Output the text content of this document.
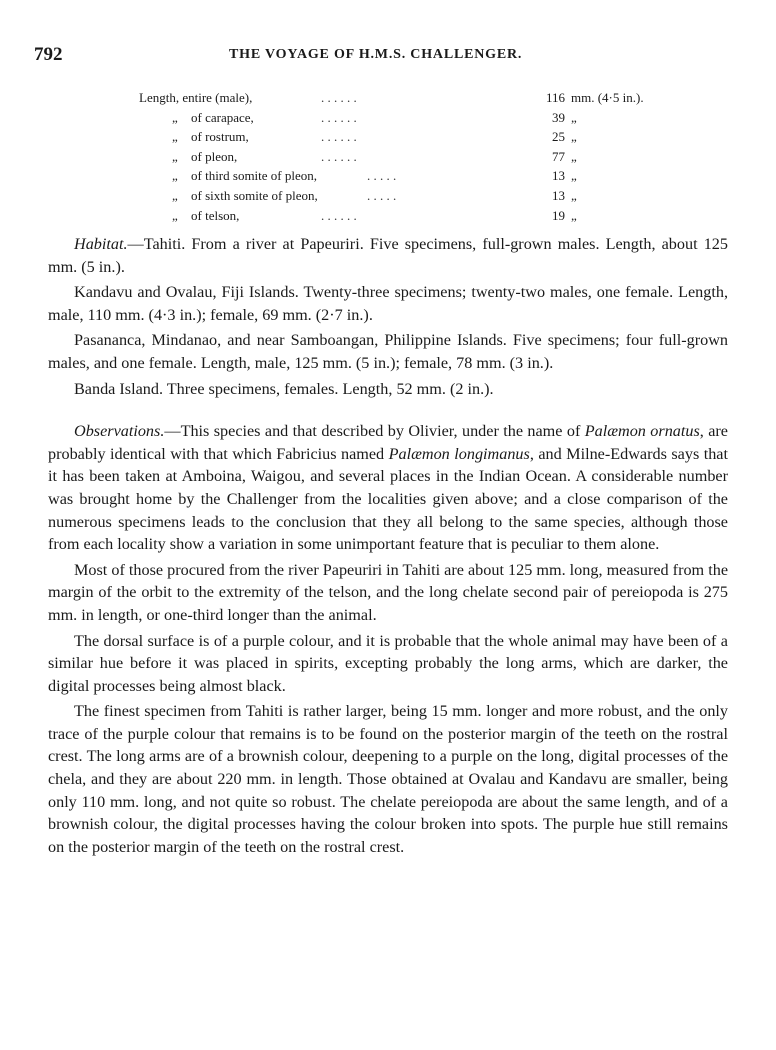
792	THE VOYAGE OF H.M.S. CHALLENGER.
Length, entire (male),	. . . . . .	116 mm. (4·5 in.).
„	of carapace,	. . . . . .	39 „
„	of rostrum,	. . . . . .	25 „
„	of pleon,	. . . . . .	77 „
„	of third somite of pleon,	. . . . .	13 „
„	of sixth somite of pleon,	. . . . .	13 „
„	of telson,	. . . . . .	19 „

Habitat.—Tahiti. From a river at Papeuriri. Five specimens, full-grown males. Length, about 125 mm. (5 in.).

Kandavu and Ovalau, Fiji Islands. Twenty-three specimens; twenty-two males, one female. Length, male, 110 mm. (4·3 in.); female, 69 mm. (2·7 in.).

Pasananca, Mindanao, and near Samboangan, Philippine Islands. Five specimens; four full-grown males, and one female. Length, male, 125 mm. (5 in.); female, 78 mm. (3 in.).

Banda Island. Three specimens, females. Length, 52 mm. (2 in.).

Observations.—This species and that described by Olivier, under the name of Palæmon ornatus, are probably identical with that which Fabricius named Palæmon longimanus, and Milne-Edwards says that it has been taken at Amboina, Waigou, and several places in the Indian Ocean. A considerable number was brought home by the Challenger from the localities given above; and a close comparison of the numerous specimens leads to the conclusion that they all belong to the same species, although those from each locality show a variation in some unimportant feature that is peculiar to them alone.

Most of those procured from the river Papeuriri in Tahiti are about 125 mm. long, measured from the margin of the orbit to the extremity of the telson, and the long chelate second pair of pereiopoda is 275 mm. in length, or one-third longer than the animal.

The dorsal surface is of a purple colour, and it is probable that the whole animal may have been of a similar hue before it was placed in spirits, excepting probably the long arms, which are darker, the digital processes being almost black.

The finest specimen from Tahiti is rather larger, being 15 mm. longer and more robust, and the only trace of the purple colour that remains is to be found on the posterior margin of the teeth on the rostral crest. The long arms are of a brownish colour, deepening to a purple on the long, digital processes of the chela, and they are about 220 mm. in length. Those obtained at Ovalau and Kandavu are smaller, being only 110 mm. long, and not quite so robust. The chelate pereiopoda are about the same length, and of a brownish colour, the digital processes having the colour broken into spots. The purple hue still remains on the posterior margin of the teeth on the rostral crest.
